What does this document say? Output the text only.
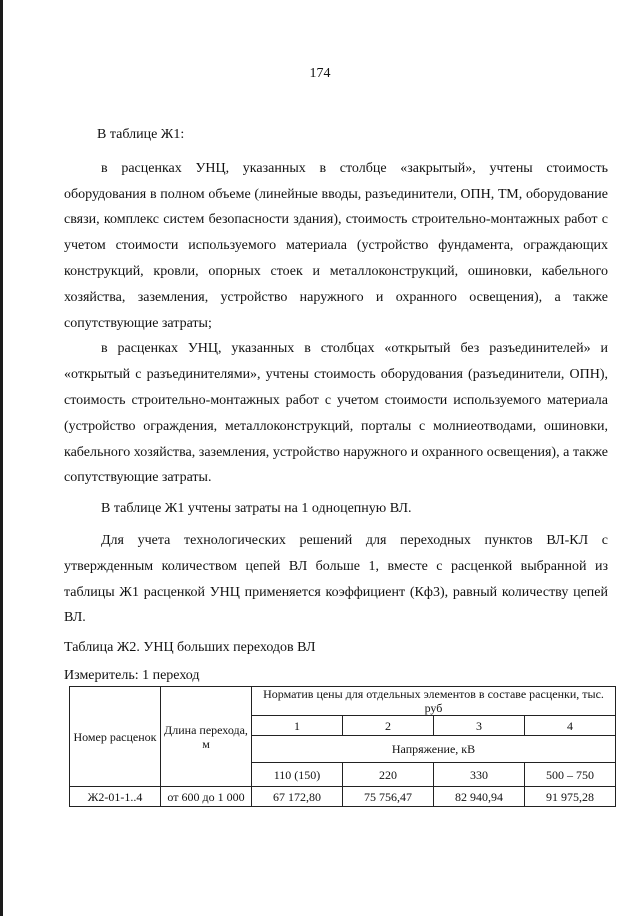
174

В таблице Ж1:

в расценках УНЦ, указанных в столбце «закрытый», учтены стоимость оборудования в полном объеме (линейные вводы, разъединители, ОПН, ТМ, оборудование связи, комплекс систем безопасности здания), стоимость строительно-монтажных работ с учетом стоимости используемого материала (устройство фундамента, ограждающих конструкций, кровли, опорных стоек и металлоконструкций, ошиновки, кабельного хозяйства, заземления, устройство наружного и охранного освещения), а также сопутствующие затраты;

в расценках УНЦ, указанных в столбцах «открытый без разъединителей» и «открытый с разъединителями», учтены стоимость оборудования (разъединители, ОПН), стоимость строительно-монтажных работ с учетом стоимости используемого материала (устройство ограждения, металлоконструкций, порталы с молниеотводами, ошиновки, кабельного хозяйства, заземления, устройство наружного и охранного освещения), а также сопутствующие затраты.

В таблице Ж1 учтены затраты на 1 одноцепную ВЛ.

Для учета технологических решений для переходных пунктов ВЛ-КЛ с утвержденным количеством цепей ВЛ больше 1, вместе с расценкой выбранной из таблицы Ж1 расценкой УНЦ применяется коэффициент (Кф3), равный количеству цепей ВЛ.

Таблица Ж2. УНЦ больших переходов ВЛ
Измеритель: 1 переход
Номер расценок	Длина перехода, м	Норматив цены для отдельных элементов в составе расценки, тыс. руб			
		1	2	3	4
		Напряжение, кВ			
		110 (150)	220	330	500 – 750
Ж2-01-1..4	от 600 до 1 000	67 172,80	75 756,47	82 940,94	91 975,28
